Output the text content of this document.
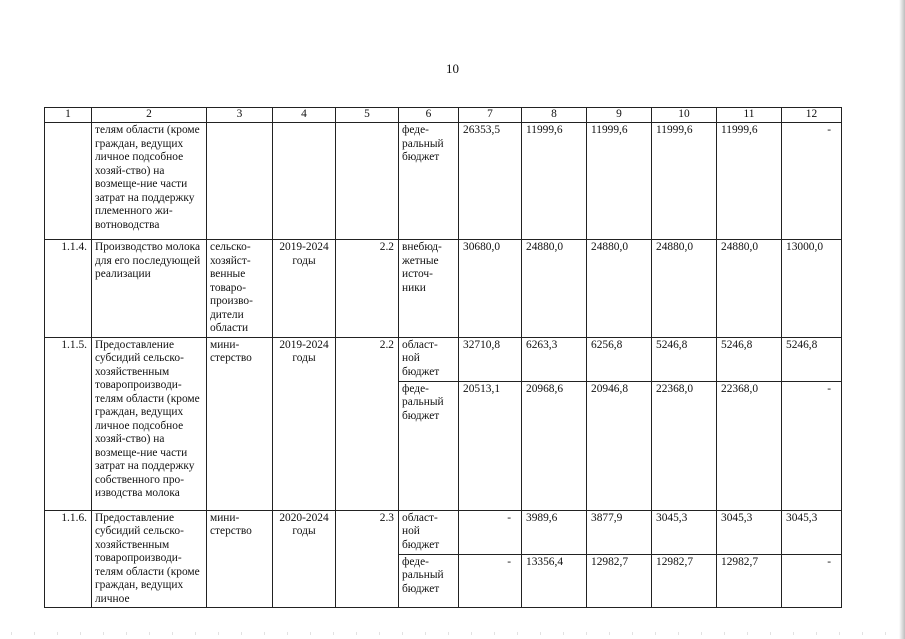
10
1	2	3	4	5	6	7	8	9	10	11	12
	телям области (кроме граждан, ведущих личное подсобное хозяй-ство) на возмеще-ние части затрат на поддержку племенного жи-вотноводства				феде-ральный бюджет	26353,5	11999,6	11999,6	11999,6	11999,6	-
1.1.4.	Производство молока для его последующей реализации	сельско-хозяйст-венные товаро-произво-дители области	2019-2024 годы	2.2	внебюд-жетные источ-ники	30680,0	24880,0	24880,0	24880,0	24880,0	13000,0
1.1.5.	Предоставление субсидий сельско-хозяйственным товаропроизводи-телям области (кроме граждан, ведущих личное подсобное хозяй-ство) на возмеще-ние части затрат на поддержку собственного про-изводства молока	мини-стерство	2019-2024 годы	2.2	област-ной бюджет	32710,8	6263,3	6256,8	5246,8	5246,8	5246,8
					феде-ральный бюджет	20513,1	20968,6	20946,8	22368,0	22368,0	-
1.1.6.	Предоставление субсидий сельско-хозяйственным товаропроизводи-телям области (кроме граждан, ведущих личное	мини-стерство	2020-2024 годы	2.3	област-ной бюджет	-	3989,6	3877,9	3045,3	3045,3	3045,3
					феде-ральный бюджет	-	13356,4	12982,7	12982,7	12982,7	-
